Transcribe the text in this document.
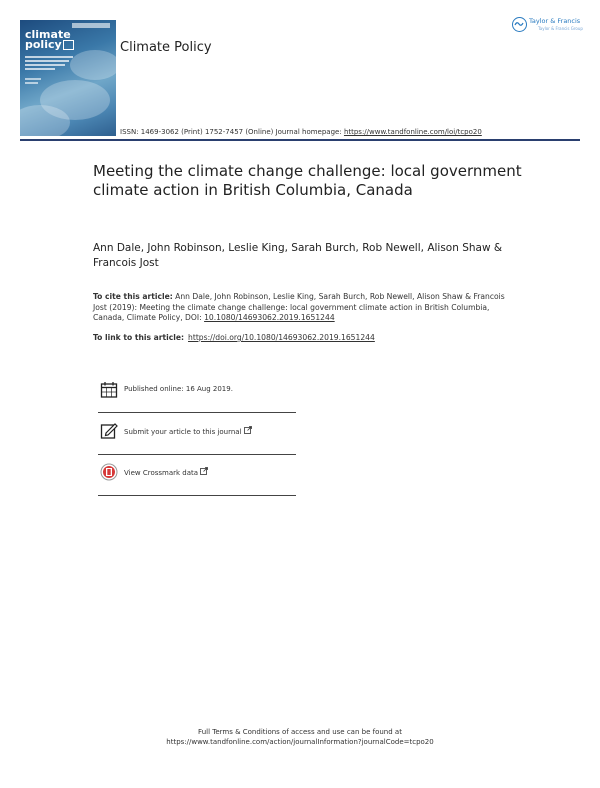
climate
policy	Climate Policy
Taylor & Francis
Taylor & Francis Group
ISSN: 1469-3062 (Print) 1752-7457 (Online) Journal homepage: https://www.tandfonline.com/loi/tcpo20
Meeting the climate change challenge: local government climate action in British Columbia, Canada
Ann Dale, John Robinson, Leslie King, Sarah Burch, Rob Newell, Alison Shaw & Francois Jost
To cite this article: Ann Dale, John Robinson, Leslie King, Sarah Burch, Rob Newell, Alison Shaw & Francois Jost (2019): Meeting the climate change challenge: local government climate action in British Columbia, Canada, Climate Policy, DOI: 10.1080/14693062.2019.1651244
To link to this article: https://doi.org/10.1080/14693062.2019.1651244
Published online: 16 Aug 2019.
Submit your article to this journal
View Crossmark data
Full Terms & Conditions of access and use can be found at
https://www.tandfonline.com/action/journalInformation?journalCode=tcpo20
